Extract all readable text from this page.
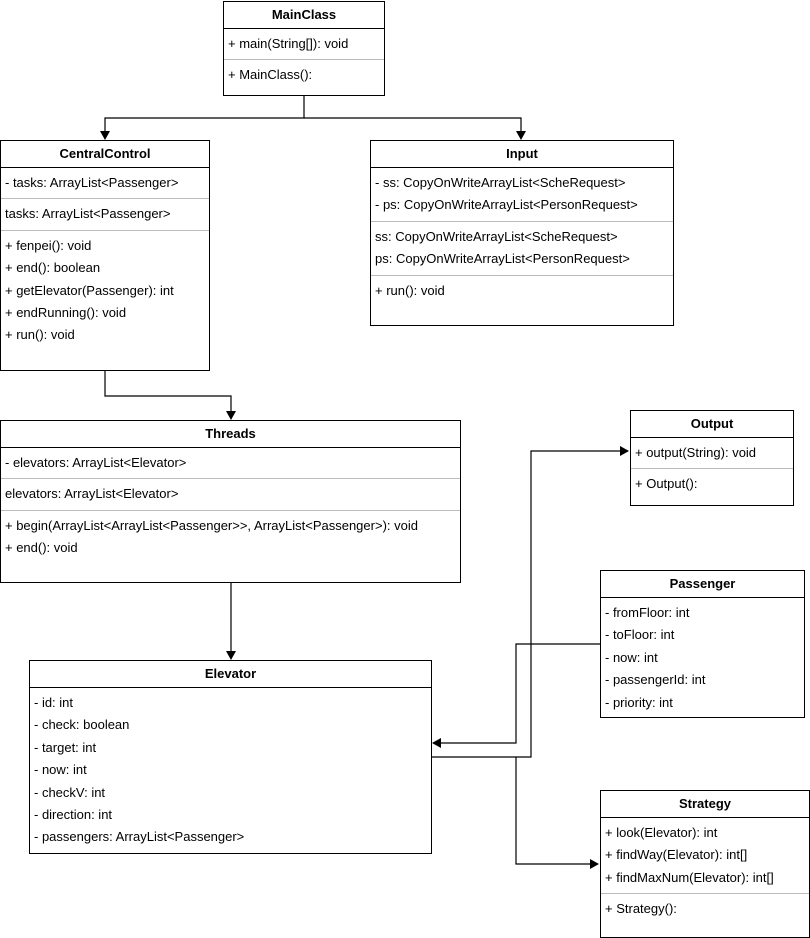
MainClass
+ main(String[]): void
+ MainClass():
CentralControl
- tasks: ArrayList<Passenger>
tasks: ArrayList<Passenger>
+ fenpei(): void
+ end(): boolean
+ getElevator(Passenger): int
+ endRunning(): void
+ run(): void
Input
- ss: CopyOnWriteArrayList<ScheRequest>
- ps: CopyOnWriteArrayList<PersonRequest>
ss: CopyOnWriteArrayList<ScheRequest>
ps: CopyOnWriteArrayList<PersonRequest>
+ run(): void
Threads
- elevators: ArrayList<Elevator>
elevators: ArrayList<Elevator>
+ begin(ArrayList<ArrayList<Passenger>>, ArrayList<Passenger>): void
+ end(): void
Output
+ output(String): void
+ Output():
Passenger
- fromFloor: int
- toFloor: int
- now: int
- passengerId: int
- priority: int
Elevator
- id: int
- check: boolean
- target: int
- now: int
- checkV: int
- direction: int
- passengers: ArrayList<Passenger>
Strategy
+ look(Elevator): int
+ findWay(Elevator): int[]
+ findMaxNum(Elevator): int[]
+ Strategy():
